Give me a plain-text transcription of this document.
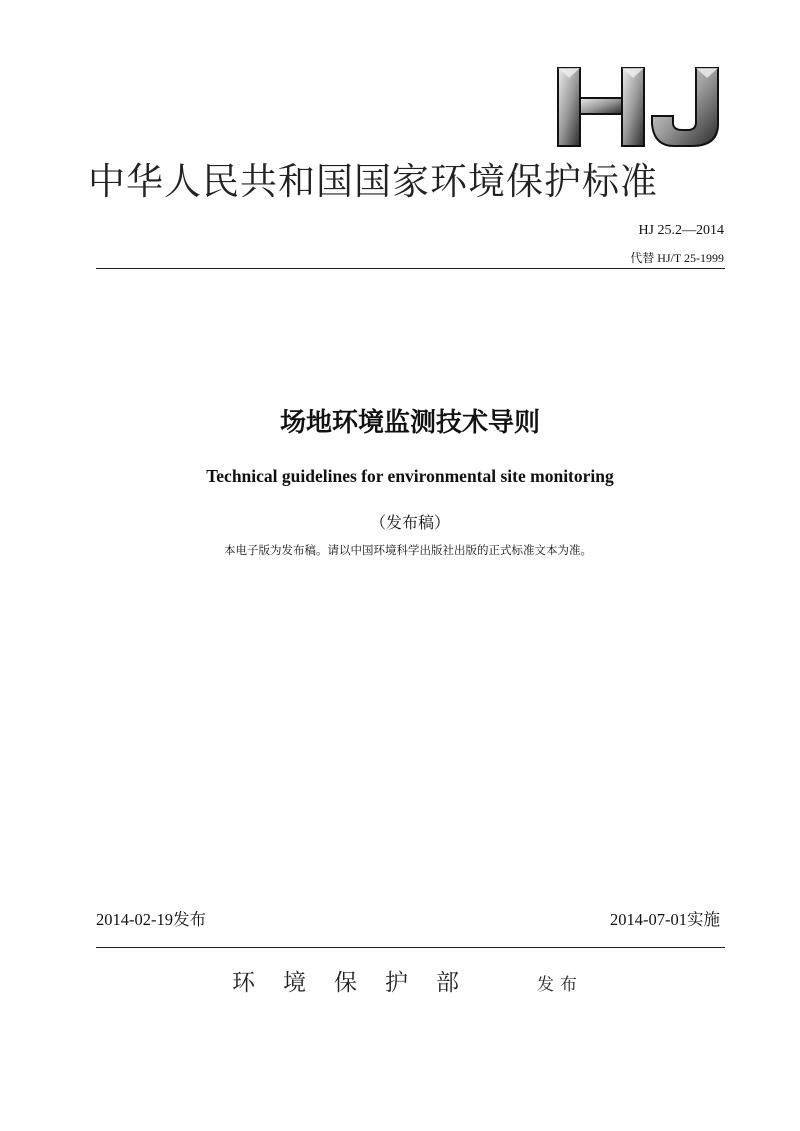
中华人民共和国国家环境保护标准
HJ 25.2—2014
代替 HJ/T 25-1999
场地环境监测技术导则
Technical guidelines for environmental site monitoring
（发布稿）
本电子版为发布稿。请以中国环境科学出版社出版的正式标准文本为准。
2014-02-19发布	2014-07-01实施
环境保护部	发布
